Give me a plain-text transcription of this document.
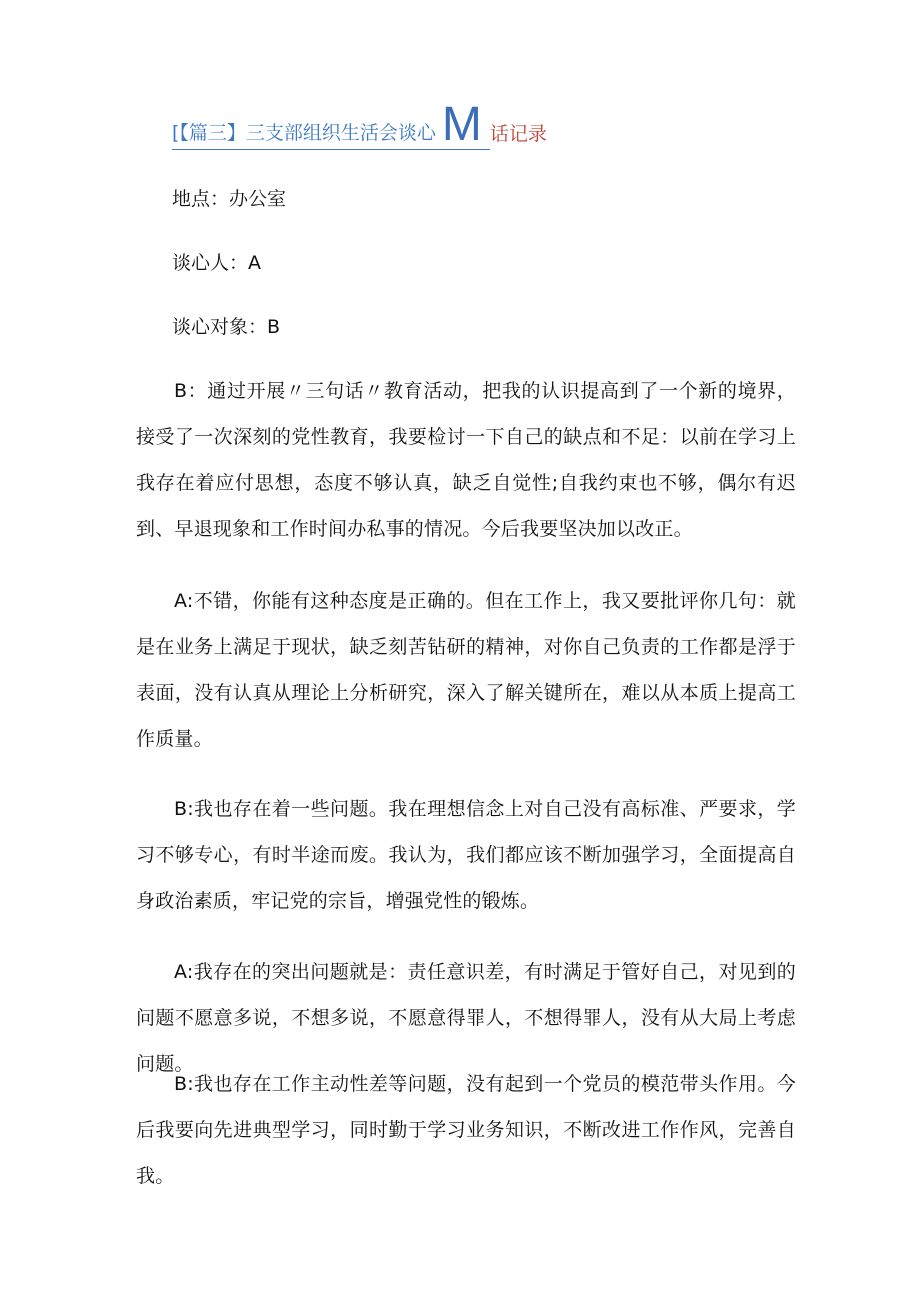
[【篇三】三支部组织生活会谈心 M 话记录
地点：办公室
谈心人：A
谈心对象：B

B：通过开展〃三句话〃教育活动，把我的认识提高到了一个新的境界，接受了一次深刻的党性教育，我要检讨一下自己的缺点和不足：以前在学习上我存在着应付思想，态度不够认真，缺乏自觉性;自我约束也不够，偶尔有迟到、早退现象和工作时间办私事的情况。今后我要坚决加以改正。

A:不错，你能有这种态度是正确的。但在工作上，我又要批评你几句：就是在业务上满足于现状，缺乏刻苦钻研的精神，对你自己负责的工作都是浮于表面，没有认真从理论上分析研究，深入了解关键所在，难以从本质上提高工作质量。

B:我也存在着一些问题。我在理想信念上对自己没有高标准、严要求，学习不够专心，有时半途而废。我认为，我们都应该不断加强学习，全面提高自身政治素质，牢记党的宗旨，增强党性的锻炼。

A:我存在的突出问题就是：责任意识差，有时满足于管好自己，对见到的问题不愿意多说，不想多说，不愿意得罪人，不想得罪人，没有从大局上考虑问题。

B:我也存在工作主动性差等问题，没有起到一个党员的模范带头作用。今后我要向先进典型学习，同时勤于学习业务知识，不断改进工作作风，完善自我。
